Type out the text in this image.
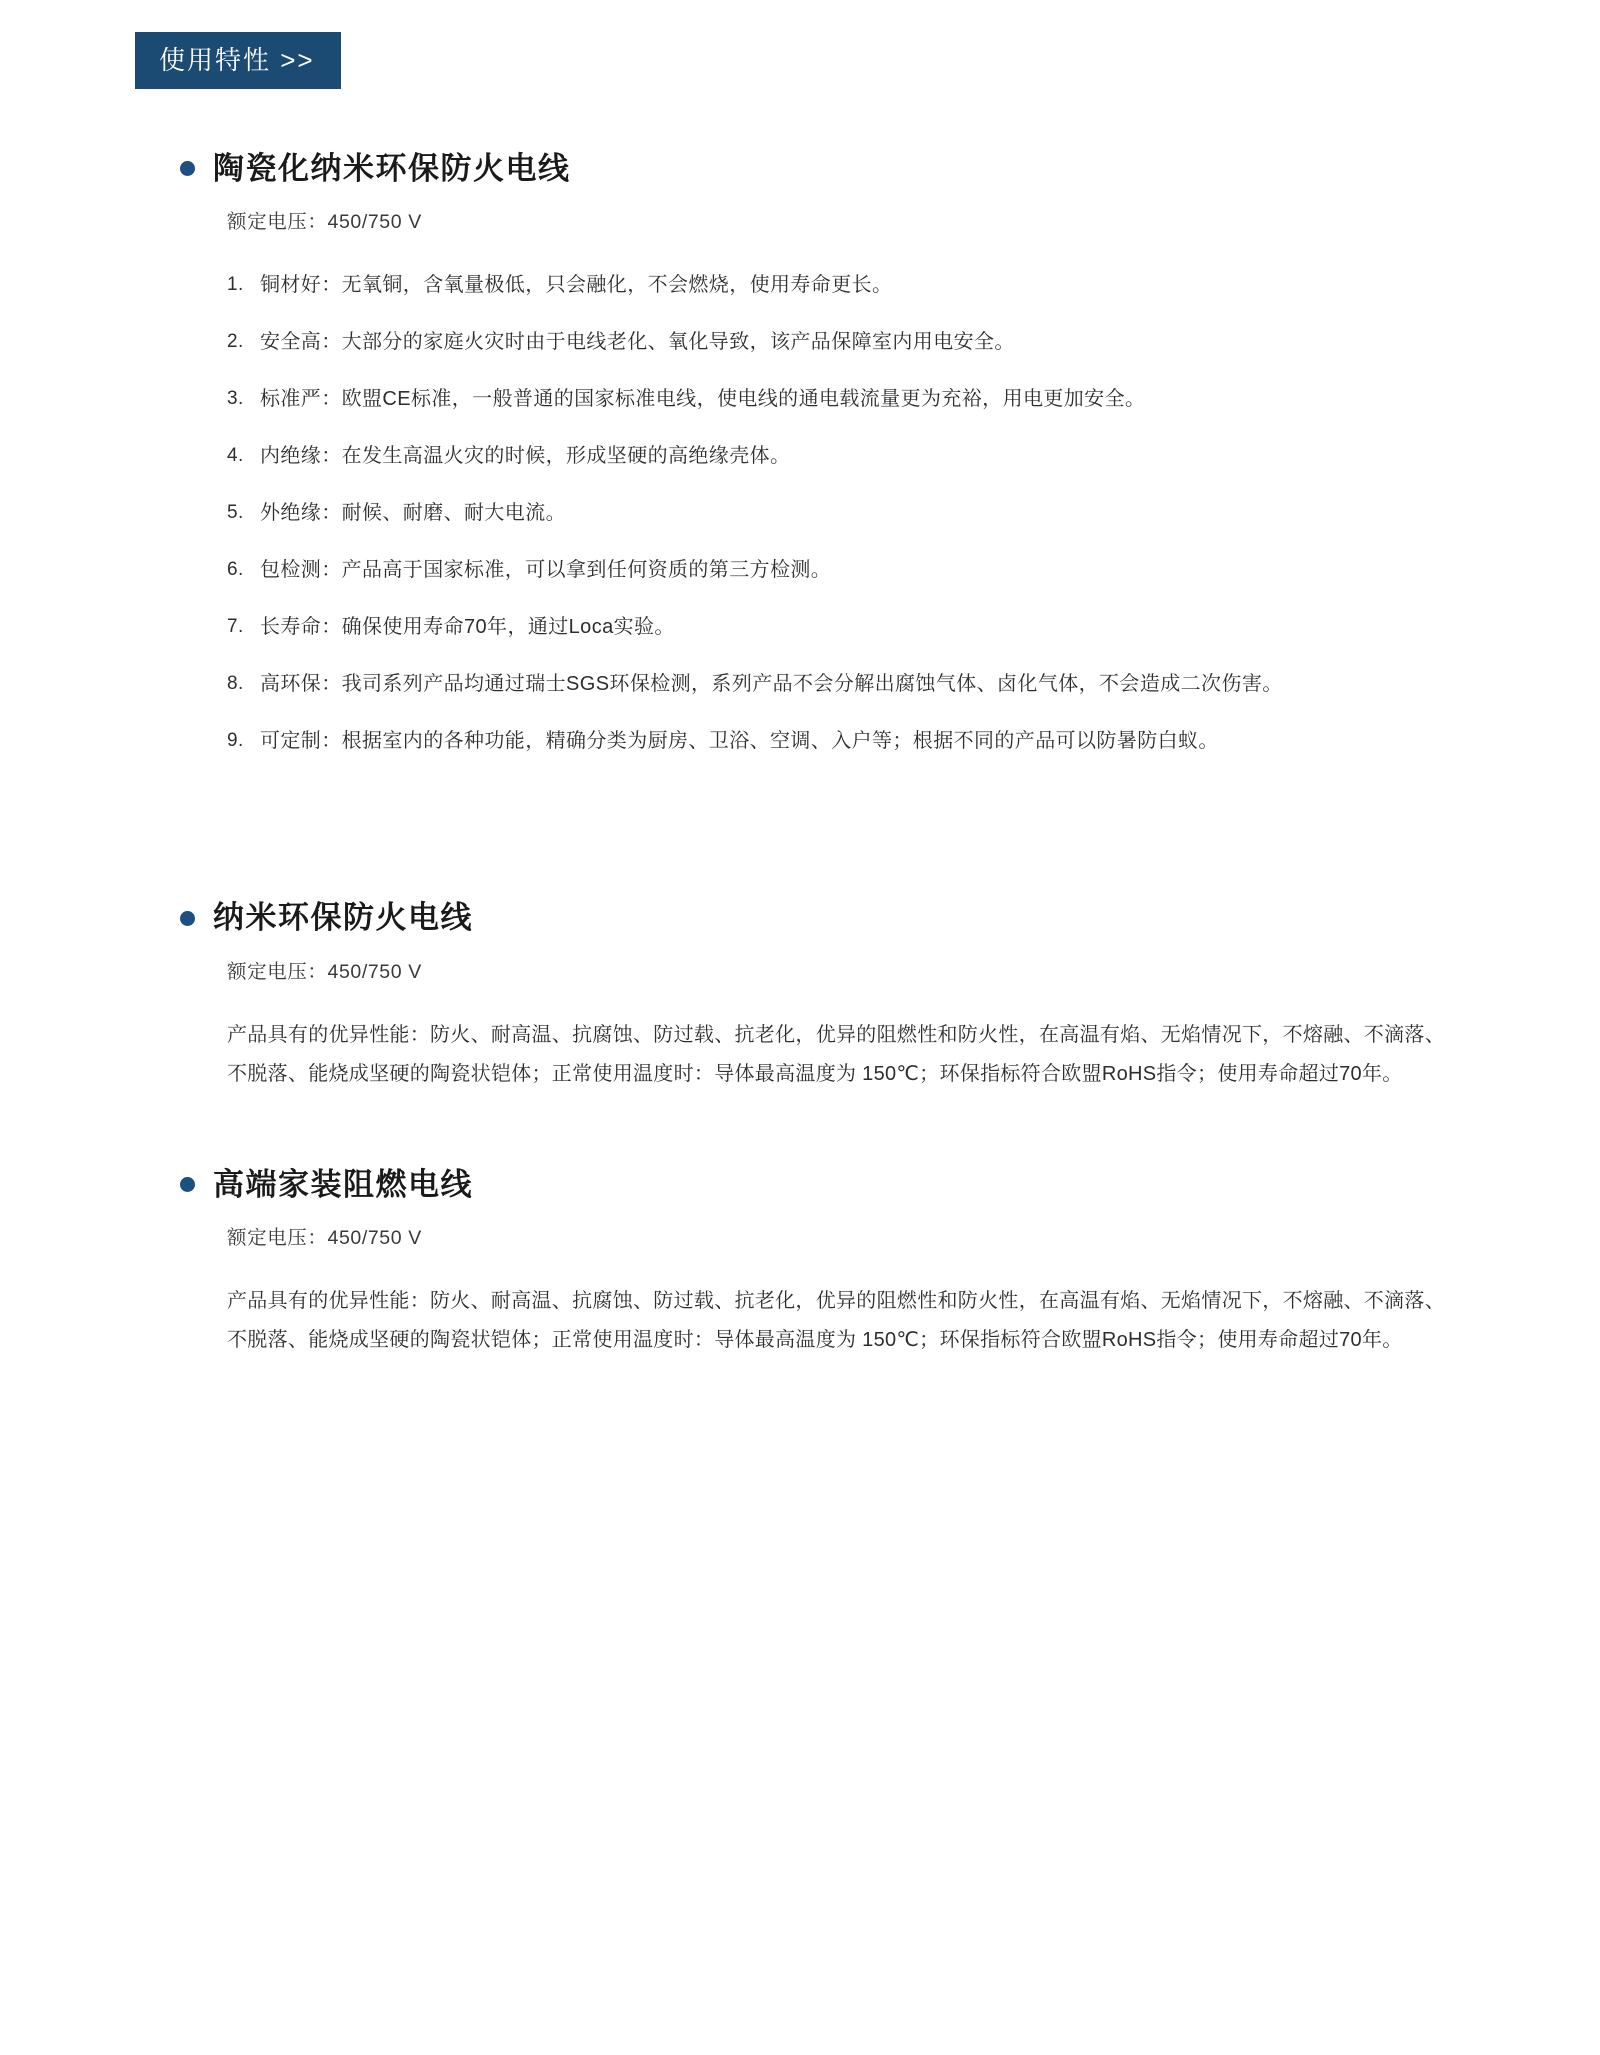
使用特性 >>
陶瓷化纳米环保防火电线
额定电压：450/750 V
1. 铜材好：无氧铜，含氧量极低，只会融化，不会燃烧，使用寿命更长。
2. 安全高：大部分的家庭火灾时由于电线老化、氧化导致，该产品保障室内用电安全。
3. 标准严：欧盟CE标准，一般普通的国家标准电线，使电线的通电载流量更为充裕，用电更加安全。
4. 内绝缘：在发生高温火灾的时候，形成坚硬的高绝缘壳体。
5. 外绝缘：耐候、耐磨、耐大电流。
6. 包检测：产品高于国家标准，可以拿到任何资质的第三方检测。
7. 长寿命：确保使用寿命70年，通过Loca实验。
8. 高环保：我司系列产品均通过瑞士SGS环保检测，系列产品不会分解出腐蚀气体、卤化气体，不会造成二次伤害。
9. 可定制：根据室内的各种功能，精确分类为厨房、卫浴、空调、入户等；根据不同的产品可以防暑防白蚁。
纳米环保防火电线
额定电压：450/750 V

产品具有的优异性能：防火、耐高温、抗腐蚀、防过载、抗老化，优异的阻燃性和防火性，在高温有焰、无焰情况下，不熔融、不滴落、不脱落、能烧成坚硬的陶瓷状铠体；正常使用温度时：导体最高温度为 150℃；环保指标符合欧盟RoHS指令；使用寿命超过70年。

高端家装阻燃电线
额定电压：450/750 V

产品具有的优异性能：防火、耐高温、抗腐蚀、防过载、抗老化，优异的阻燃性和防火性，在高温有焰、无焰情况下，不熔融、不滴落、不脱落、能烧成坚硬的陶瓷状铠体；正常使用温度时：导体最高温度为 150℃；环保指标符合欧盟RoHS指令；使用寿命超过70年。
